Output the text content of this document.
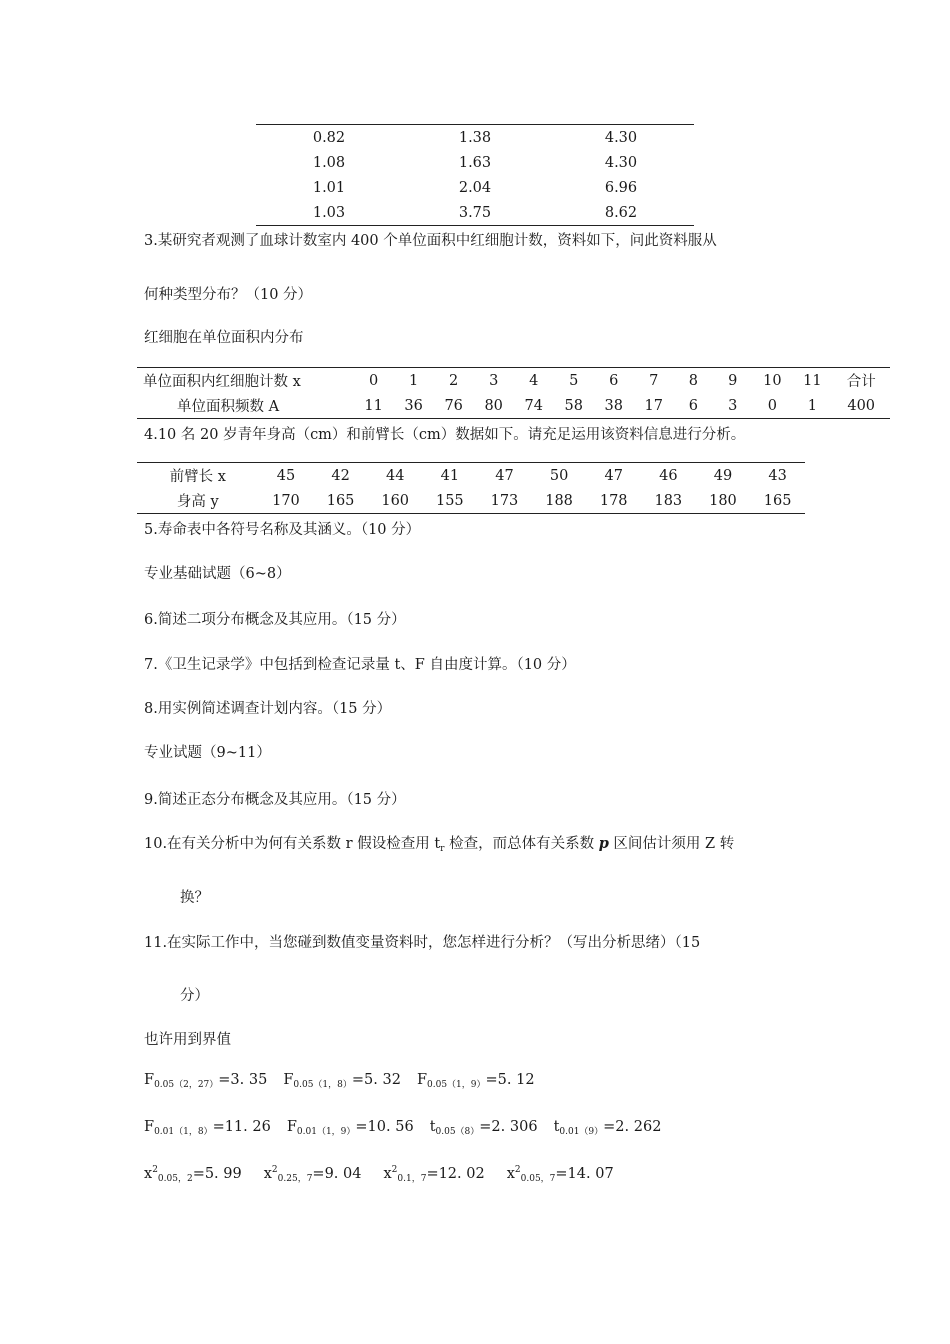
0.82	1.38	4.30
1.08	1.63	4.30
1.01	2.04	6.96
1.03	3.75	8.62
3.某研究者观测了血球计数室内 400 个单位面积中红细胞计数，资料如下，问此资料服从
何种类型分布？（10 分）
红细胞在单位面积内分布
单位面积内红细胞计数 x	0	1	2	3	4	5	6	7	8	9	10	11	合计
单位面积频数 A	11	36	76	80	74	58	38	17	6	3	0	1	400
4.10 名 20 岁青年身高（cm）和前臂长（cm）数据如下。请充足运用该资料信息进行分析。
前臂长 x	45	42	44	41	47	50	47	46	49	43
身高 y	170	165	160	155	173	188	178	183	180	165
5.寿命表中各符号名称及其涵义。（10 分）
专业基础试题（6~8）
6.简述二项分布概念及其应用。（15 分）
7.《卫生记录学》中包括到检查记录量 t、F 自由度计算。（10 分）
8.用实例简述调查计划内容。（15 分）
专业试题（9~11）
9.简述正态分布概念及其应用。（15 分）
10.在有关分析中为何有关系数 r 假设检查用 $t_r$ 检查，而总体有关系数 p 区间估计须用 Z 转
换？
11.在实际工作中，当您碰到数值变量资料时，您怎样进行分析？（写出分析思绪）（15
分）
也许用到界值
$F_{0.05(2,27)}=3$. 35 $F_{0.05(1,8)}=5$. 32 $F_{0.05(1,9)}=5$. 12
$F_{0.01(1,8)}=11$. 26 $F_{0.01(1,9)}=10$. 56 $t_{0.05(8)}=2$. 306 $t_{0.01(9)}=2$. 262
$x^2_{0.05,2}=5$. 99 $x^2_{0.25,7}=9$. 04 $x^2_{0.1,7}=12$. 02 $x^2_{0.05,7}=14$. 07
